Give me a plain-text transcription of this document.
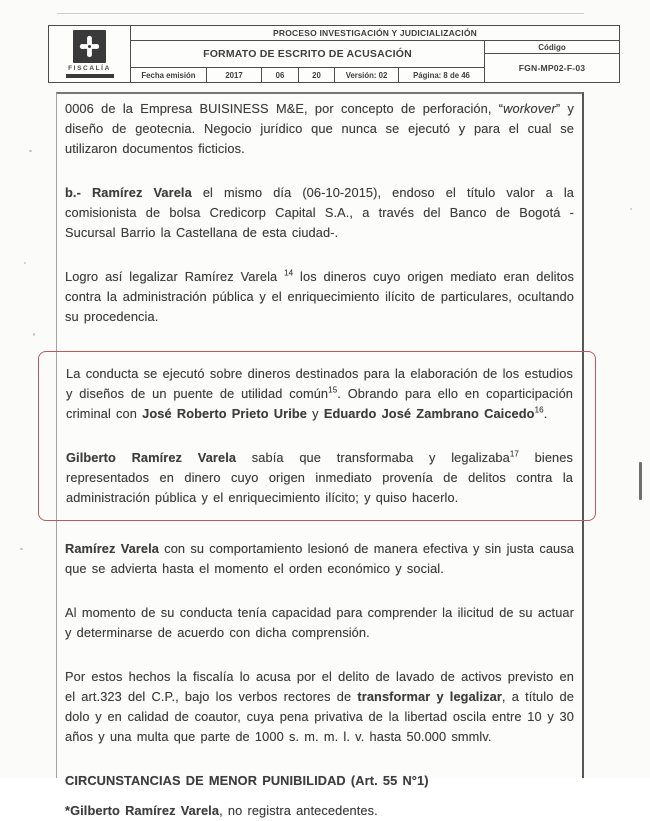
FISCALÍA
PROCESO INVESTIGACIÓN Y JUDICIALIZACIÓN
FORMATO DE ESCRITO DE ACUSACIÓN
Fecha emisión	2017	06	20	Versión: 02	Página: 8 de 46
Código
FGN-MP02-F-03

0006 de la Empresa BUISINESS M&E, por concepto de perforación, “workover” y diseño de geotecnia. Negocio jurídico que nunca se ejecutó y para el cual se utilizaron documentos ficticios.

b.- Ramírez Varela el mismo día (06-10-2015), endoso el título valor a la comisionista de bolsa Credicorp Capital S.A., a través del Banco de Bogotá -Sucursal Barrio la Castellana de esta ciudad-.

Logro así legalizar Ramírez Varela $^{14}$ los dineros cuyo origen mediato eran delitos contra la administración pública y el enriquecimiento ilícito de particulares, ocultando su procedencia.

La conducta se ejecutó sobre dineros destinados para la elaboración de los estudios y diseños de un puente de utilidad común$^{15}$. Obrando para ello en coparticipación criminal con José Roberto Prieto Uribe y Eduardo José Zambrano Caicedo$^{16}$.

Gilberto Ramírez Varela sabía que transformaba y legalizaba$^{17}$ bienes representados en dinero cuyo origen inmediato provenía de delitos contra la administración pública y el enriquecimiento ilícito; y quiso hacerlo.

Ramírez Varela con su comportamiento lesionó de manera efectiva y sin justa causa que se advierta hasta el momento el orden económico y social.

Al momento de su conducta tenía capacidad para comprender la ilicitud de su actuar y determinarse de acuerdo con dicha comprensión.

Por estos hechos la fiscalía lo acusa por el delito de lavado de activos previsto en el art.323 del C.P., bajo los verbos rectores de transformar y legalizar, a título de dolo y en calidad de coautor, cuya pena privativa de la libertad oscila entre 10 y 30 años y una multa que parte de 1000 s. m. m. l. v. hasta 50.000 smmlv.

CIRCUNSTANCIAS DE MENOR PUNIBILIDAD (Art. 55 N°1)

*Gilberto Ramírez Varela, no registra antecedentes.
